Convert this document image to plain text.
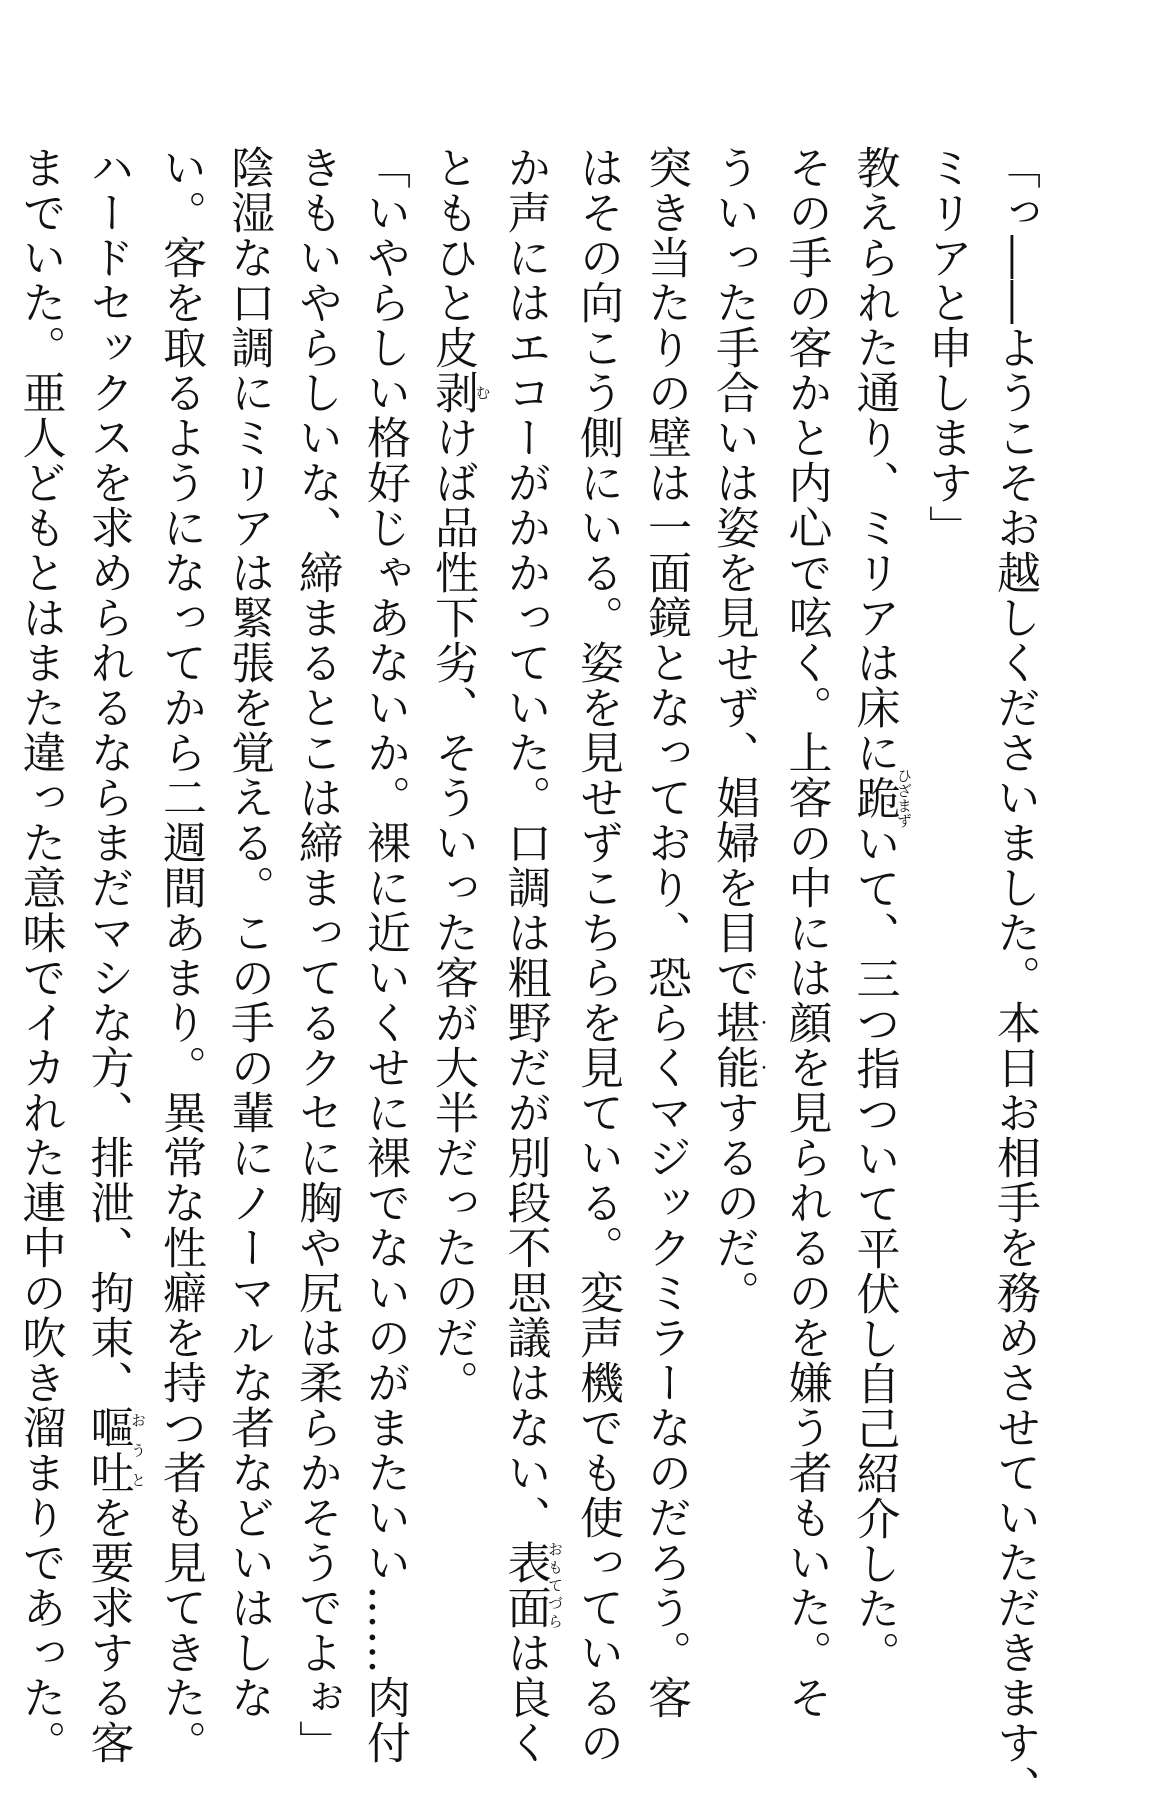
「っ――ようこそお越しくださいました。本日お相手を務めさせていただきます、
ミリアと申します」
教えられた通り、ミリアは床に跪ひざまずいて、三つ指ついて平伏し自己紹介した。
その手の客かと内心で呟く。上客の中には顔を見られるのを嫌う者もいた。そ
ういった手合いは姿を見せず、娼婦を目で堪・能・するのだ。
突き当たりの壁は一面鏡となっており、恐らくマジックミラーなのだろう。客
はその向こう側にいる。姿を見せずこちらを見ている。変声機でも使っているの
か声にはエコーがかかっていた。口調は粗野だが別段不思議はない、表面おもてづらは良く
ともひと皮剥むけば品性下劣、そういった客が大半だったのだ。
「いやらしい格好じゃあないか。裸に近いくせに裸でないのがまたいい……肉付
きもいやらしいな、締まるとこは締まってるクセに胸や尻は柔らかそうでよぉ」
陰湿な口調にミリアは緊張を覚える。この手の輩にノーマルな者などいはしな
い。客を取るようになってから二週間あまり。異常な性癖を持つ者も見てきた。
ハードセックスを求められるならまだマシな方、排泄、拘束、嘔吐おうとを要求する客
までいた。亜人どもとはまた違った意味でイカれた連中の吹き溜まりであった。
